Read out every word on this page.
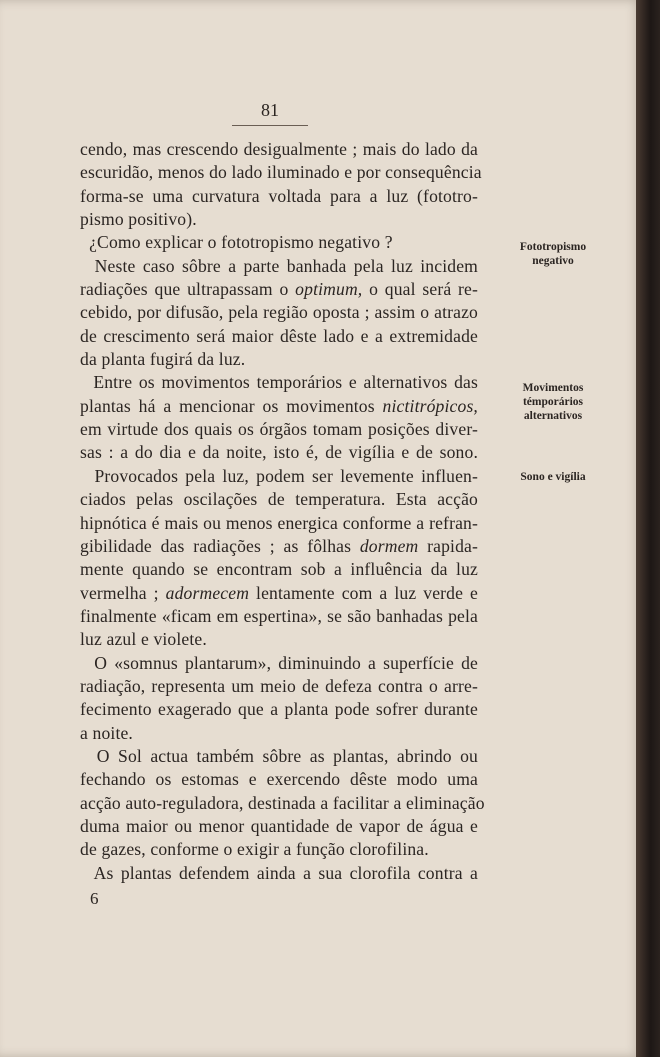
81
cendo, mas crescendo desigualmente ; mais do lado da
escuridão, menos do lado iluminado e por consequência
forma-se uma curvatura voltada para a luz (fototro-
pismo positivo).
¿Como explicar o fototropismo negativo ?
Neste caso sôbre a parte banhada pela luz incidem
radiações que ultrapassam o optimum, o qual será re-
cebido, por difusão, pela região oposta ; assim o atrazo
de crescimento será maior dêste lado e a extremidade
da planta fugirá da luz.
Entre os movimentos temporários e alternativos das
plantas há a mencionar os movimentos nictitrópicos,
em virtude dos quais os órgãos tomam posições diver-
sas : a do dia e da noite, isto é, de vigília e de sono.
Provocados pela luz, podem ser levemente influen-
ciados pelas oscilações de temperatura. Esta acção
hipnótica é mais ou menos energica conforme a refran-
gibilidade das radiações ; as fôlhas dormem rapida-
mente quando se encontram sob a influência da luz
vermelha ; adormecem lentamente com a luz verde e
finalmente «ficam em espertina», se são banhadas pela
luz azul e violete.
O «somnus plantarum», diminuindo a superfície de
radiação, representa um meio de defeza contra o arre-
fecimento exagerado que a planta pode sofrer durante
a noite.
O Sol actua também sôbre as plantas, abrindo ou
fechando os estomas e exercendo dêste modo uma
acção auto-reguladora, destinada a facilitar a eliminação
duma maior ou menor quantidade de vapor de água e
de gazes, conforme o exigir a função clorofilina.
As plantas defendem ainda a sua clorofila contra a
6
Fototropismo
negativo
Movimentos
témporários
alternativos
Sono e vigília
